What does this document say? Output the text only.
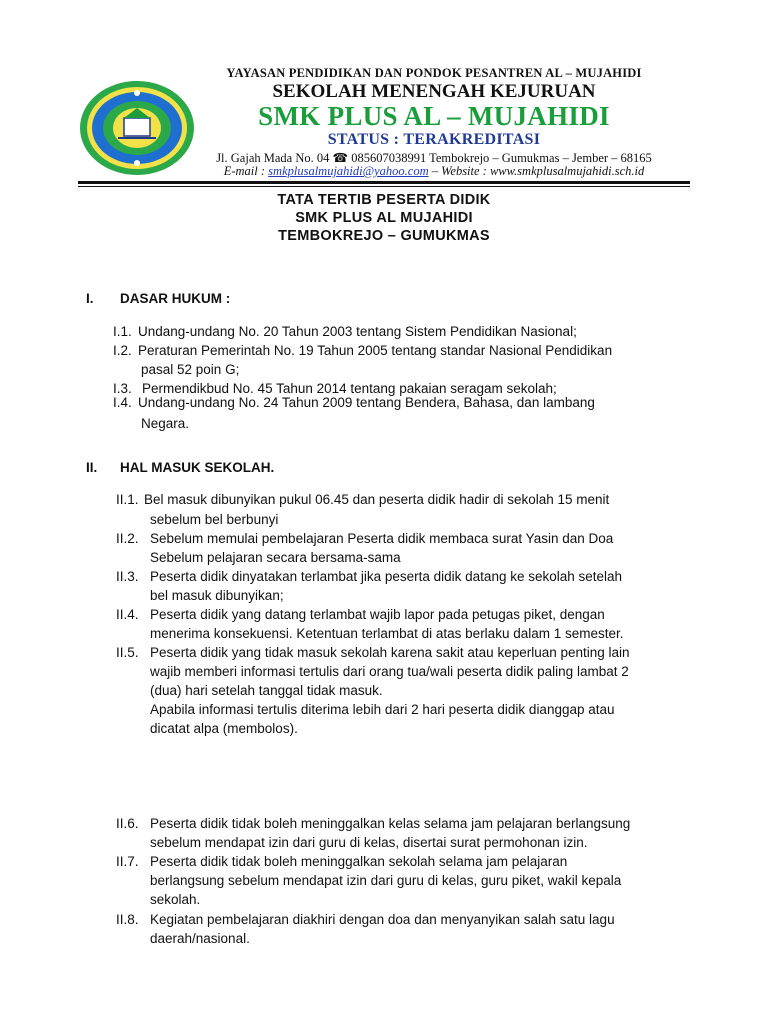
YAYASAN PENDIDIKAN DAN PONDOK PESANTREN AL – MUJAHIDI
SEKOLAH MENENGAH KEJURUAN
SMK PLUS AL – MUJAHIDI
STATUS : TERAKREDITASI
Jl. Gajah Mada No. 04 ☎ 085607038991 Tembokrejo – Gumukmas – Jember – 68165
E-mail : smkplusalmujahidi@yahoo.com – Website : www.smkplusalmujahidi.sch.id
TATA TERTIB PESERTA DIDIK
SMK PLUS AL MUJAHIDI
TEMBOKREJO – GUMUKMAS
I. DASAR HUKUM :
I.1. Undang-undang No. 20 Tahun 2003 tentang Sistem Pendidikan Nasional;
I.2. Peraturan Pemerintah No. 19 Tahun 2005 tentang standar Nasional Pendidikan
pasal 52 poin G;
I.3. Permendikbud No. 45 Tahun 2014 tentang pakaian seragam sekolah;
I.4. Undang-undang No. 24 Tahun 2009 tentang Bendera, Bahasa, dan lambang
Negara.
II. HAL MASUK SEKOLAH.
II.1. Bel masuk dibunyikan pukul 06.45 dan peserta didik hadir di sekolah 15 menit
sebelum bel berbunyi
II.2. Sebelum memulai pembelajaran Peserta didik membaca surat Yasin dan Doa
Sebelum pelajaran secara bersama-sama
II.3. Peserta didik dinyatakan terlambat jika peserta didik datang ke sekolah setelah
bel masuk dibunyikan;
II.4. Peserta didik yang datang terlambat wajib lapor pada petugas piket, dengan
menerima konsekuensi. Ketentuan terlambat di atas berlaku dalam 1 semester.
II.5. Peserta didik yang tidak masuk sekolah karena sakit atau keperluan penting lain
wajib memberi informasi tertulis dari orang tua/wali peserta didik paling lambat 2
(dua) hari setelah tanggal tidak masuk.
Apabila informasi tertulis diterima lebih dari 2 hari peserta didik dianggap atau
dicatat alpa (membolos).
II.6. Peserta didik tidak boleh meninggalkan kelas selama jam pelajaran berlangsung
sebelum mendapat izin dari guru di kelas, disertai surat permohonan izin.
II.7. Peserta didik tidak boleh meninggalkan sekolah selama jam pelajaran
berlangsung sebelum mendapat izin dari guru di kelas, guru piket, wakil kepala
sekolah.
II.8. Kegiatan pembelajaran diakhiri dengan doa dan menyanyikan salah satu lagu
daerah/nasional.
